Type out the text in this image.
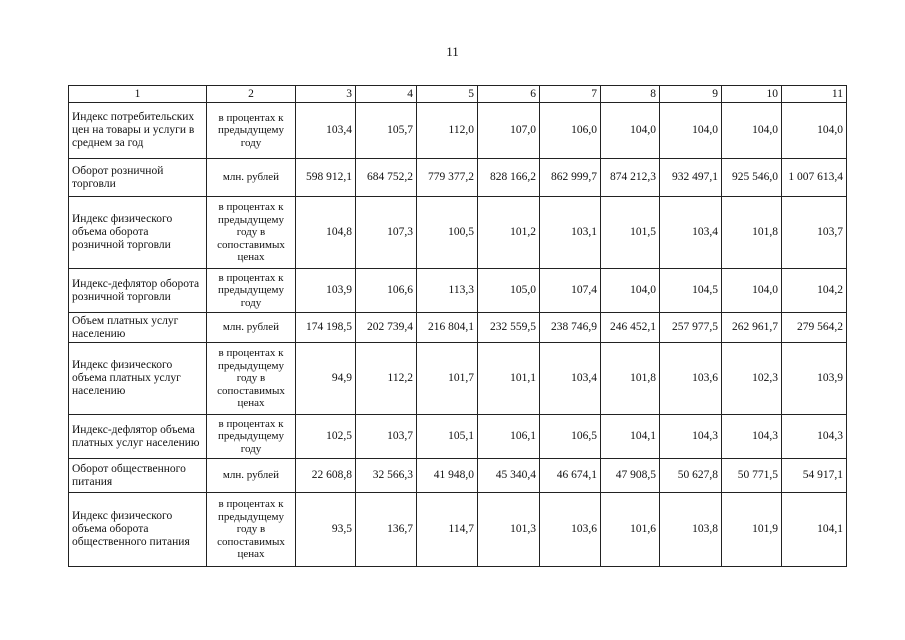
11
1	2	3	4	5	6	7	8	9	10	11
Индекс потребительских цен на товары и услуги в среднем за год	в процентах к предыдущему году	103,4	105,7	112,0	107,0	106,0	104,0	104,0	104,0	104,0
Оборот розничной торговли	млн. рублей	598 912,1	684 752,2	779 377,2	828 166,2	862 999,7	874 212,3	932 497,1	925 546,0	1 007 613,4
Индекс физического объема оборота розничной торговли	в процентах к предыдущему году в сопоставимых ценах	104,8	107,3	100,5	101,2	103,1	101,5	103,4	101,8	103,7
Индекс-дефлятор оборота розничной торговли	в процентах к предыдущему году	103,9	106,6	113,3	105,0	107,4	104,0	104,5	104,0	104,2
Объем платных услуг населению	млн. рублей	174 198,5	202 739,4	216 804,1	232 559,5	238 746,9	246 452,1	257 977,5	262 961,7	279 564,2
Индекс физического объема платных услуг населению	в процентах к предыдущему году в сопоставимых ценах	94,9	112,2	101,7	101,1	103,4	101,8	103,6	102,3	103,9
Индекс-дефлятор объема платных услуг населению	в процентах к предыдущему году	102,5	103,7	105,1	106,1	106,5	104,1	104,3	104,3	104,3
Оборот общественного питания	млн. рублей	22 608,8	32 566,3	41 948,0	45 340,4	46 674,1	47 908,5	50 627,8	50 771,5	54 917,1
Индекс физического объема оборота общественного питания	в процентах к предыдущему году в сопоставимых ценах	93,5	136,7	114,7	101,3	103,6	101,6	103,8	101,9	104,1
